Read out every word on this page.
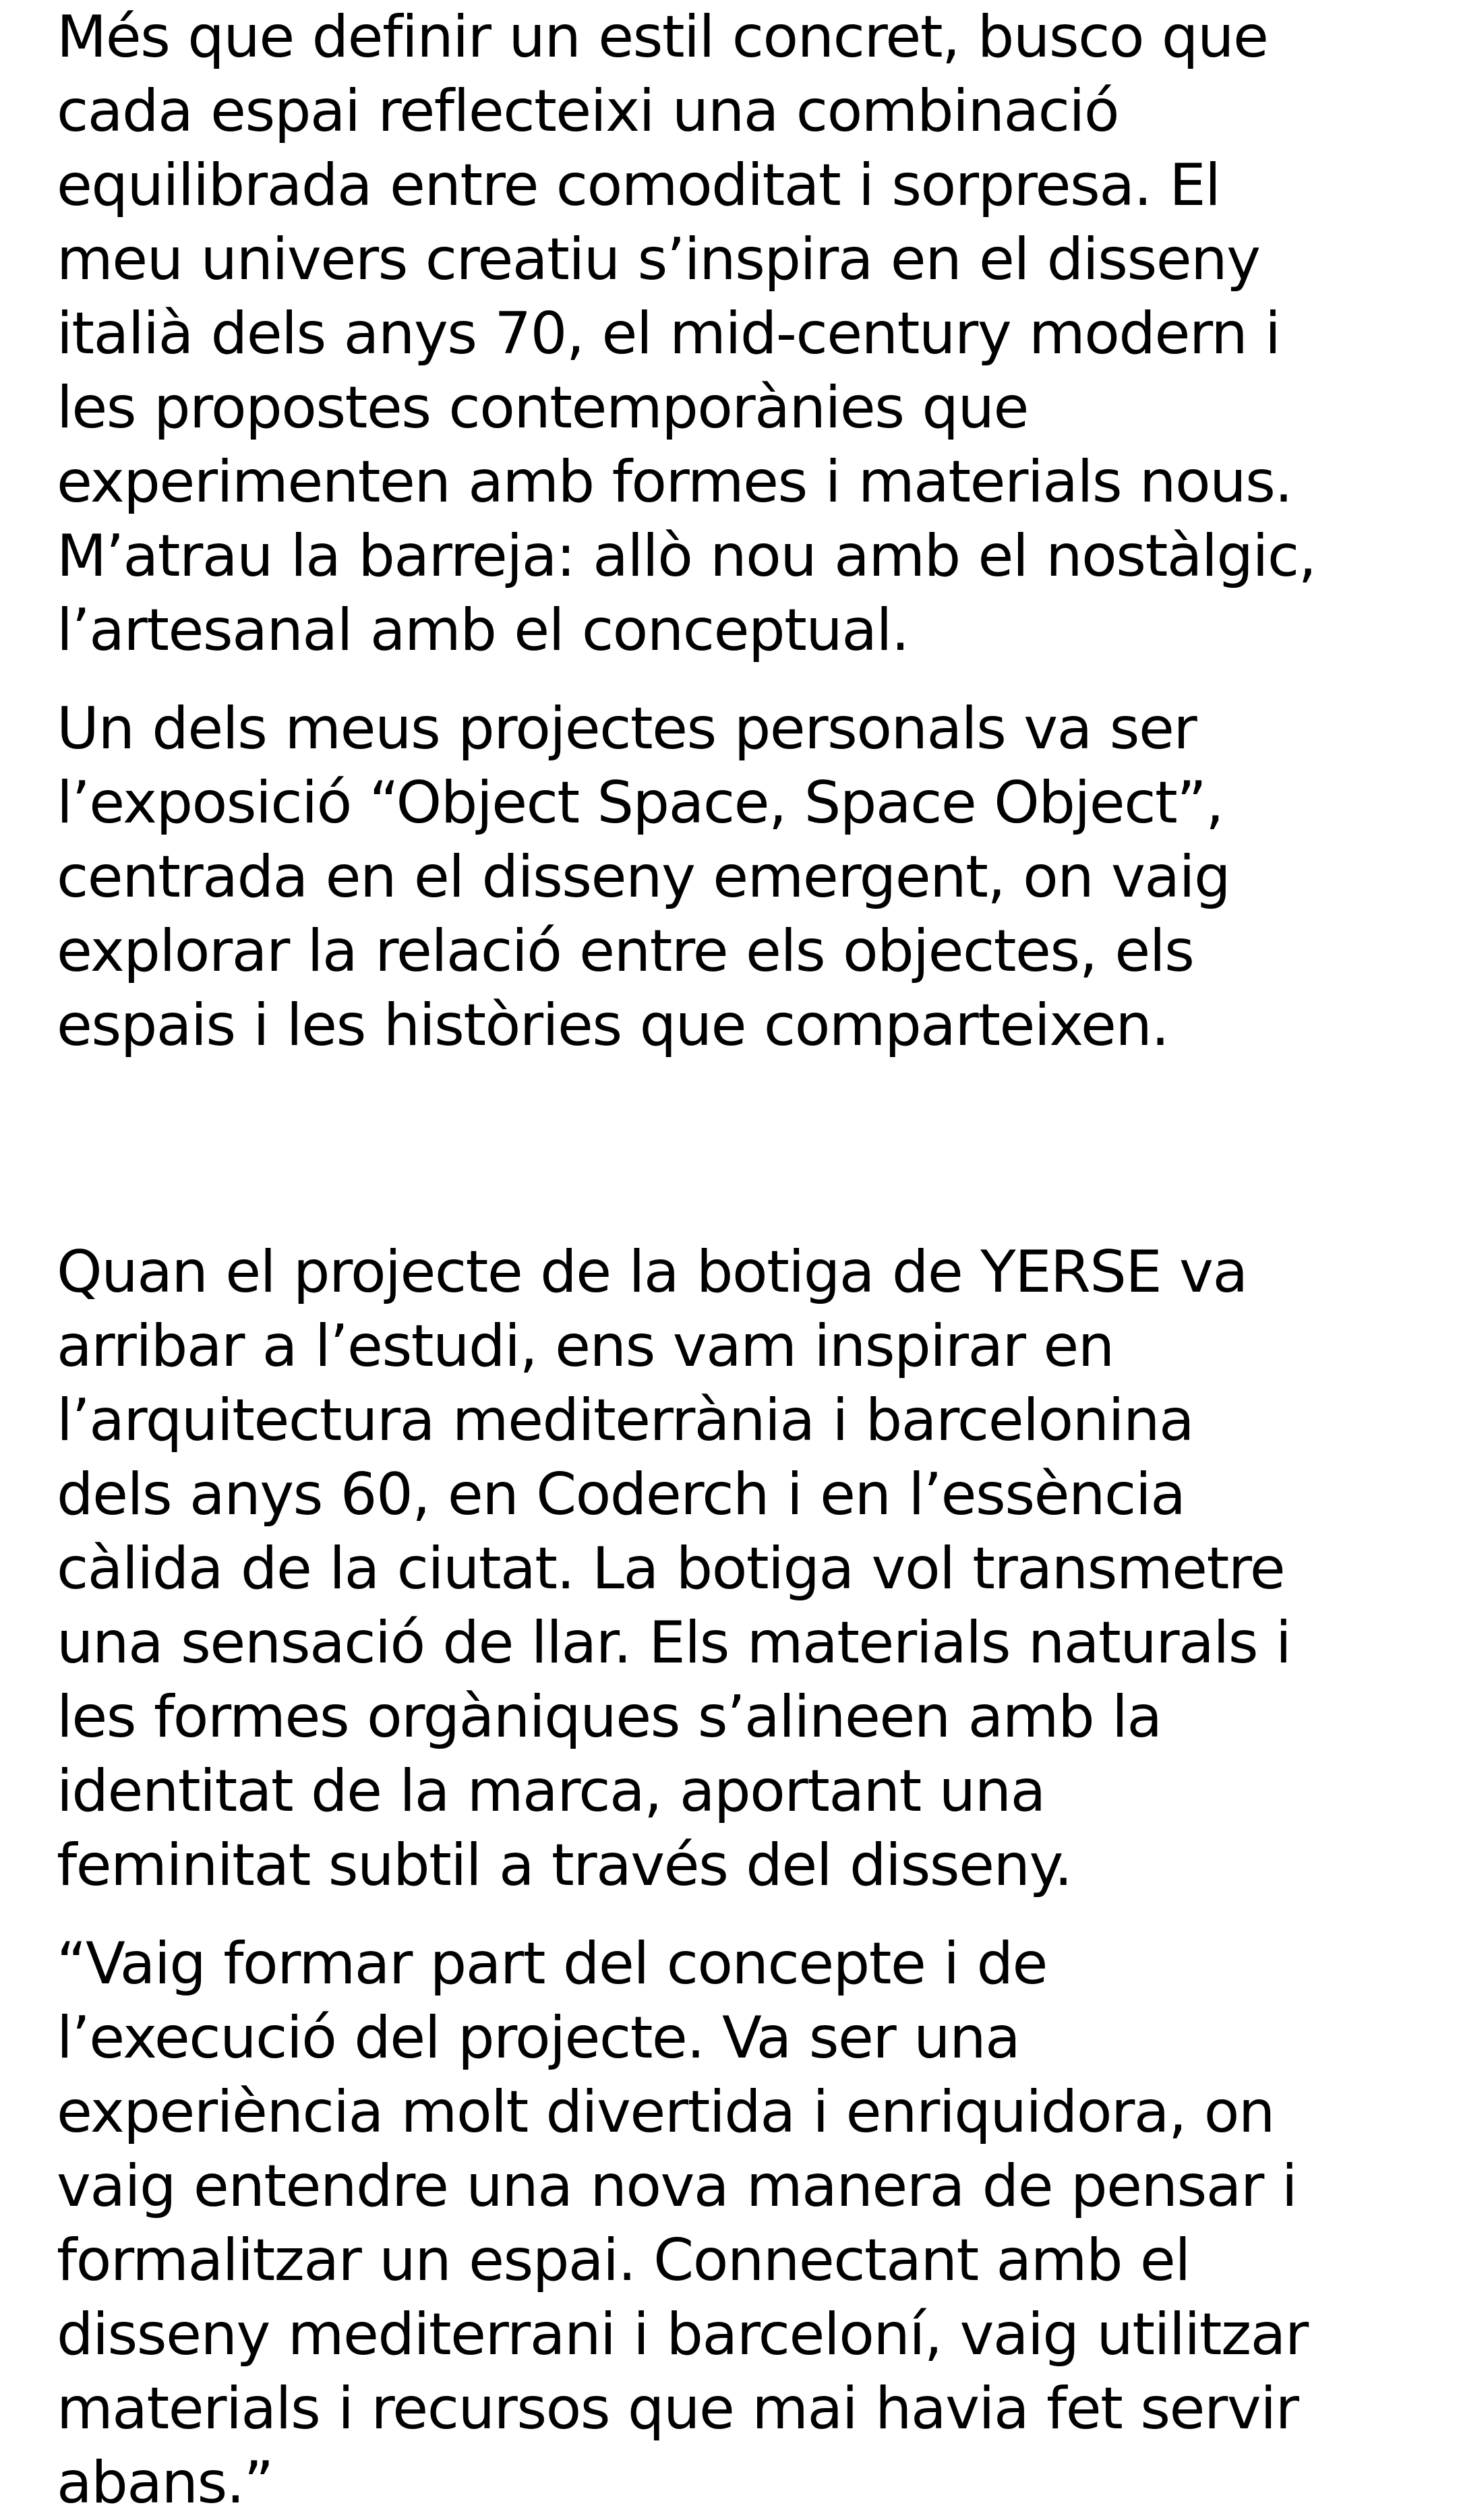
Més que definir un estil concret, busco que
cada espai reflecteixi una combinació
equilibrada entre comoditat i sorpresa. El
meu univers creatiu s’inspira en el disseny
italià dels anys 70, el mid-century modern i
les propostes contemporànies que
experimenten amb formes i materials nous.
M’atrau la barreja: allò nou amb el nostàlgic,
l’artesanal amb el conceptual.

Un dels meus projectes personals va ser
l’exposició “Object Space, Space Object”,
centrada en el disseny emergent, on vaig
explorar la relació entre els objectes, els
espais i les històries que comparteixen.

Quan el projecte de la botiga de YERSE va
arribar a l’estudi, ens vam inspirar en
l’arquitectura mediterrània i barcelonina
dels anys 60, en Coderch i en l’essència
càlida de la ciutat. La botiga vol transmetre
una sensació de llar. Els materials naturals i
les formes orgàniques s’alineen amb la
identitat de la marca, aportant una
feminitat subtil a través del disseny.

“Vaig formar part del concepte i de
l’execució del projecte. Va ser una
experiència molt divertida i enriquidora, on
vaig entendre una nova manera de pensar i
formalitzar un espai. Connectant amb el
disseny mediterrani i barceloní, vaig utilitzar
materials i recursos que mai havia fet servir
abans.”
